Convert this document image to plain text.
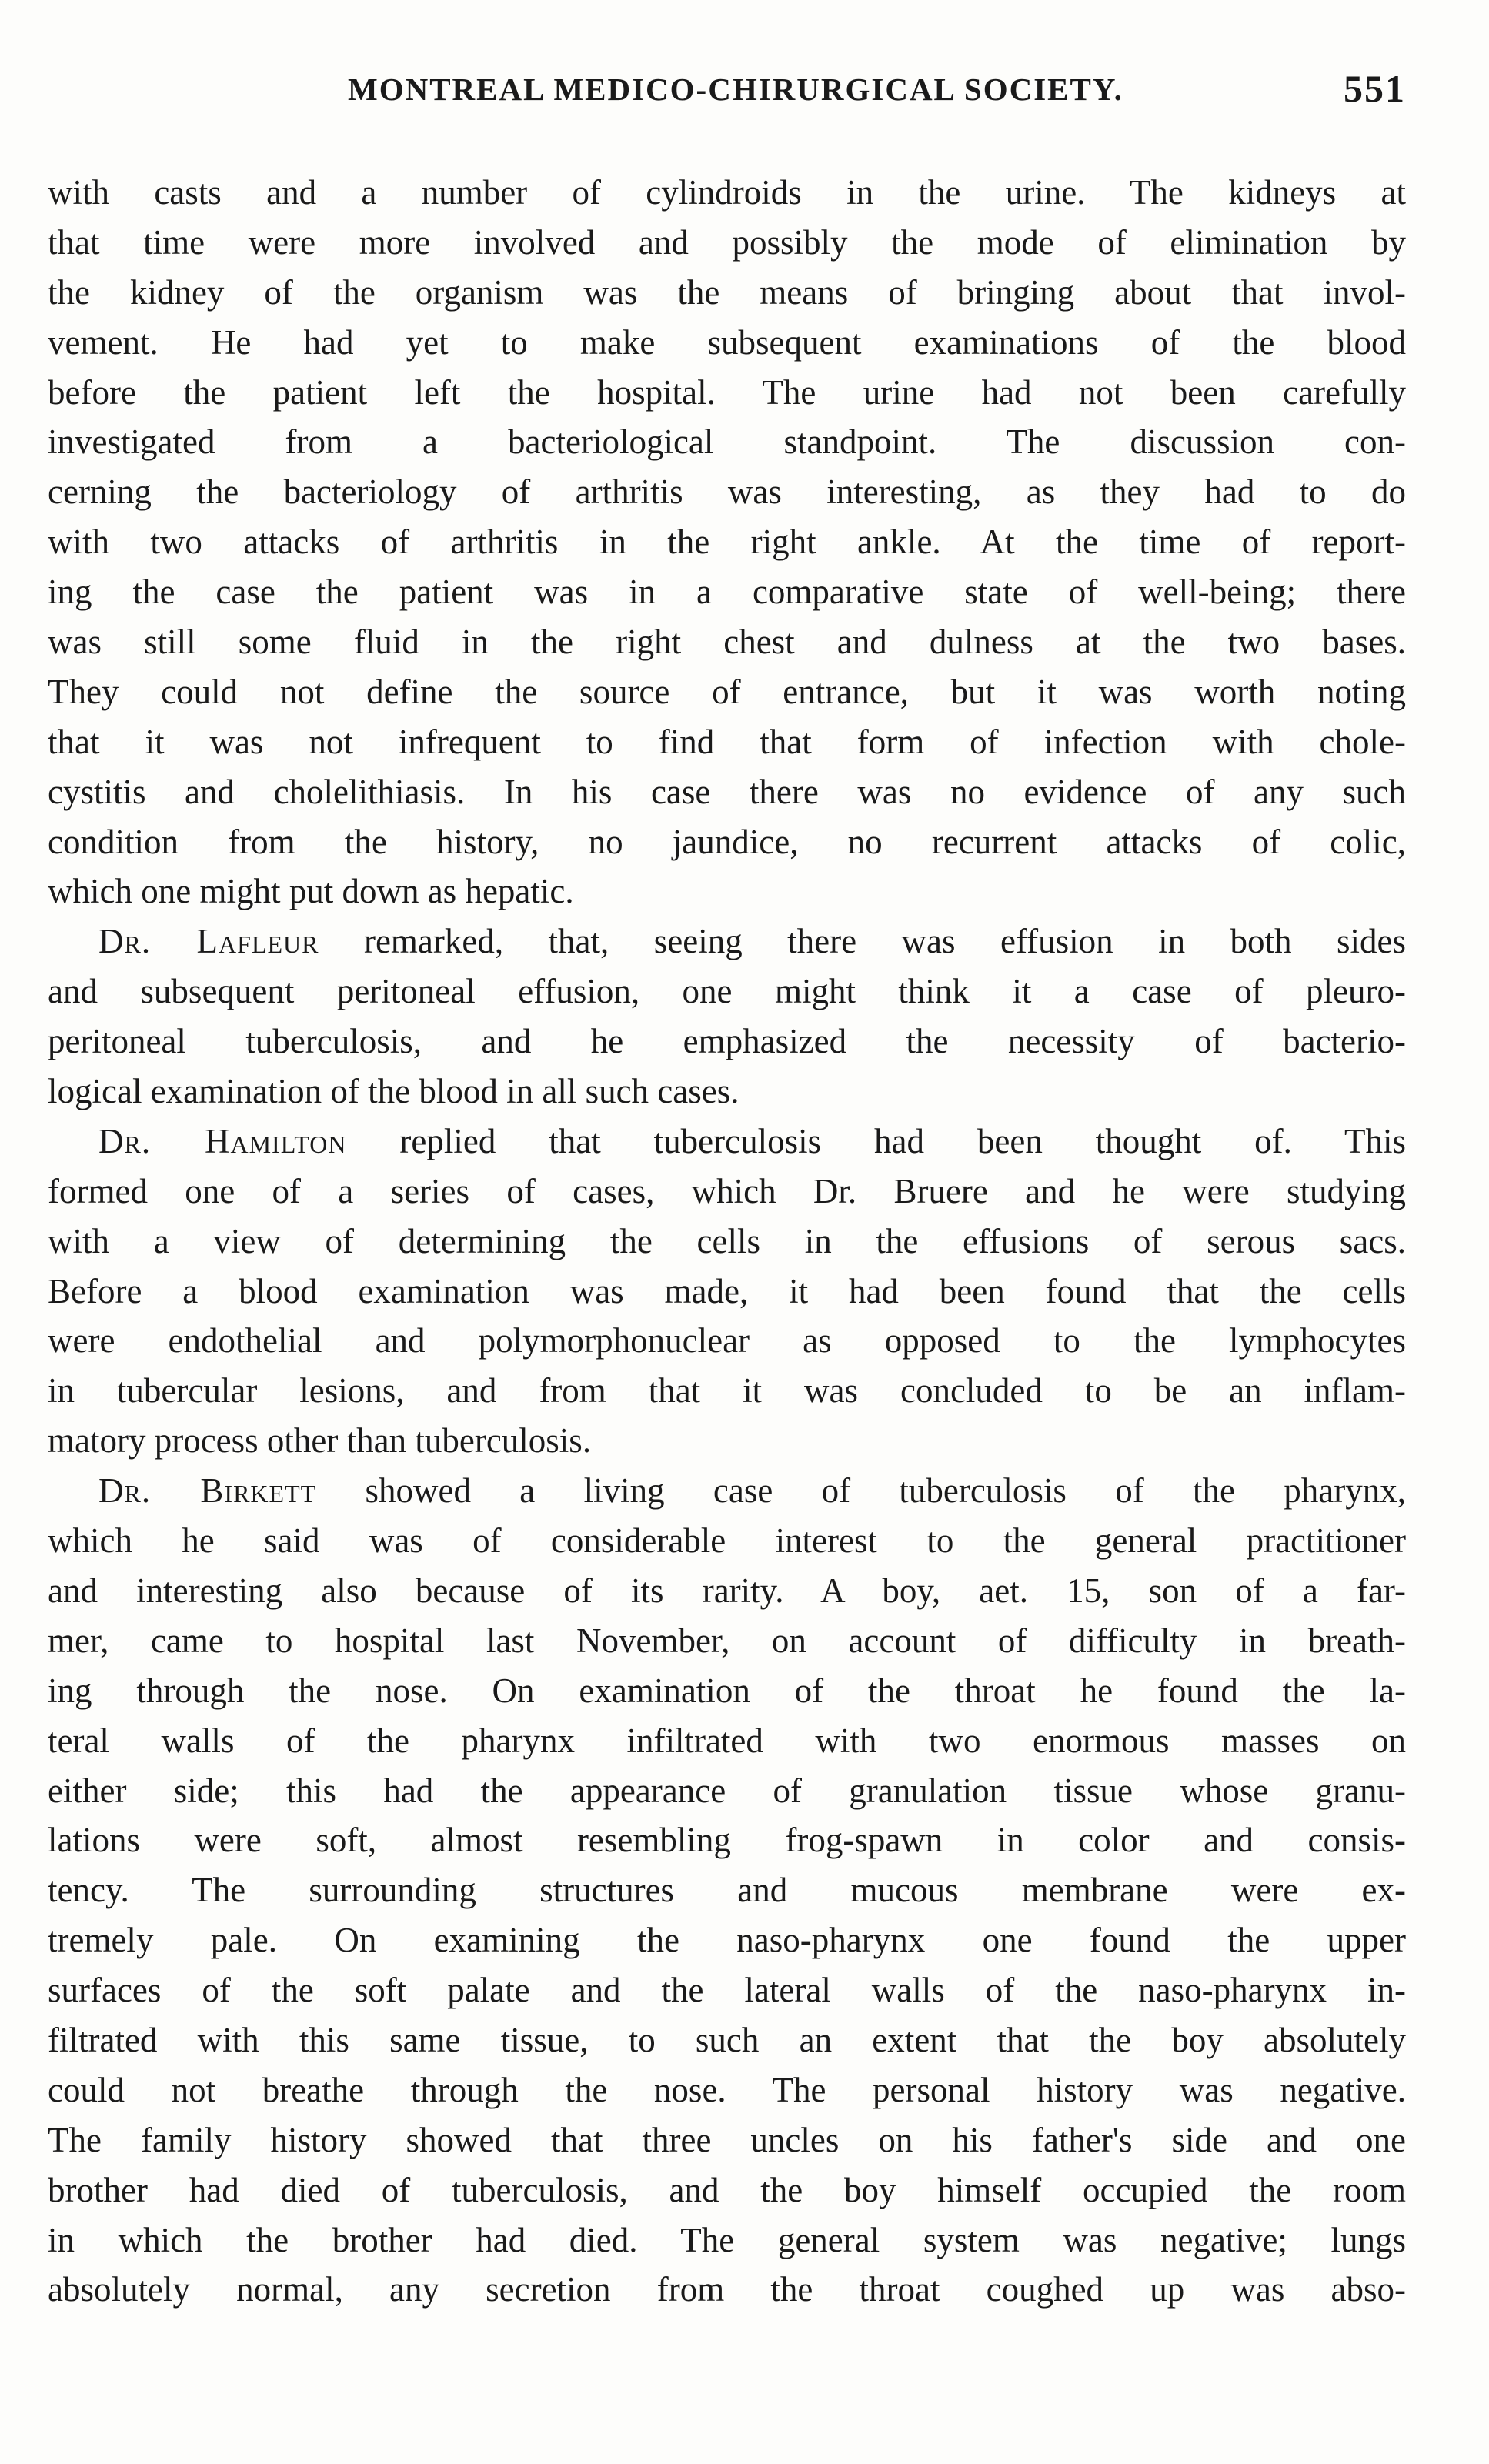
MONTREAL MEDICO-CHIRURGICAL SOCIETY.	551
with casts and a number of cylindroids in the urine. The kidneys at
that time were more involved and possibly the mode of elimination by
the kidney of the organism was the means of bringing about that invol-
vement. He had yet to make subsequent examinations of the blood
before the patient left the hospital. The urine had not been carefully
investigated from a bacteriological standpoint. The discussion con-
cerning the bacteriology of arthritis was interesting, as they had to do
with two attacks of arthritis in the right ankle. At the time of report-
ing the case the patient was in a comparative state of well-being; there
was still some fluid in the right chest and dulness at the two bases.
They could not define the source of entrance, but it was worth noting
that it was not infrequent to find that form of infection with chole-
cystitis and cholelithiasis. In his case there was no evidence of any such
condition from the history, no jaundice, no recurrent attacks of colic,
which one might put down as hepatic.
Dr. Lafleur remarked, that, seeing there was effusion in both sides
and subsequent peritoneal effusion, one might think it a case of pleuro-
peritoneal tuberculosis, and he emphasized the necessity of bacterio-
logical examination of the blood in all such cases.
Dr. Hamilton replied that tuberculosis had been thought of. This
formed one of a series of cases, which Dr. Bruere and he were studying
with a view of determining the cells in the effusions of serous sacs.
Before a blood examination was made, it had been found that the cells
were endothelial and polymorphonuclear as opposed to the lymphocytes
in tubercular lesions, and from that it was concluded to be an inflam-
matory process other than tuberculosis.
Dr. Birkett showed a living case of tuberculosis of the pharynx,
which he said was of considerable interest to the general practitioner
and interesting also because of its rarity. A boy, aet. 15, son of a far-
mer, came to hospital last November, on account of difficulty in breath-
ing through the nose. On examination of the throat he found the la-
teral walls of the pharynx infiltrated with two enormous masses on
either side; this had the appearance of granulation tissue whose granu-
lations were soft, almost resembling frog-spawn in color and consis-
tency. The surrounding structures and mucous membrane were ex-
tremely pale. On examining the naso-pharynx one found the upper
surfaces of the soft palate and the lateral walls of the naso-pharynx in-
filtrated with this same tissue, to such an extent that the boy absolutely
could not breathe through the nose. The personal history was negative.
The family history showed that three uncles on his father's side and one
brother had died of tuberculosis, and the boy himself occupied the room
in which the brother had died. The general system was negative; lungs
absolutely normal, any secretion from the throat coughed up was abso-
